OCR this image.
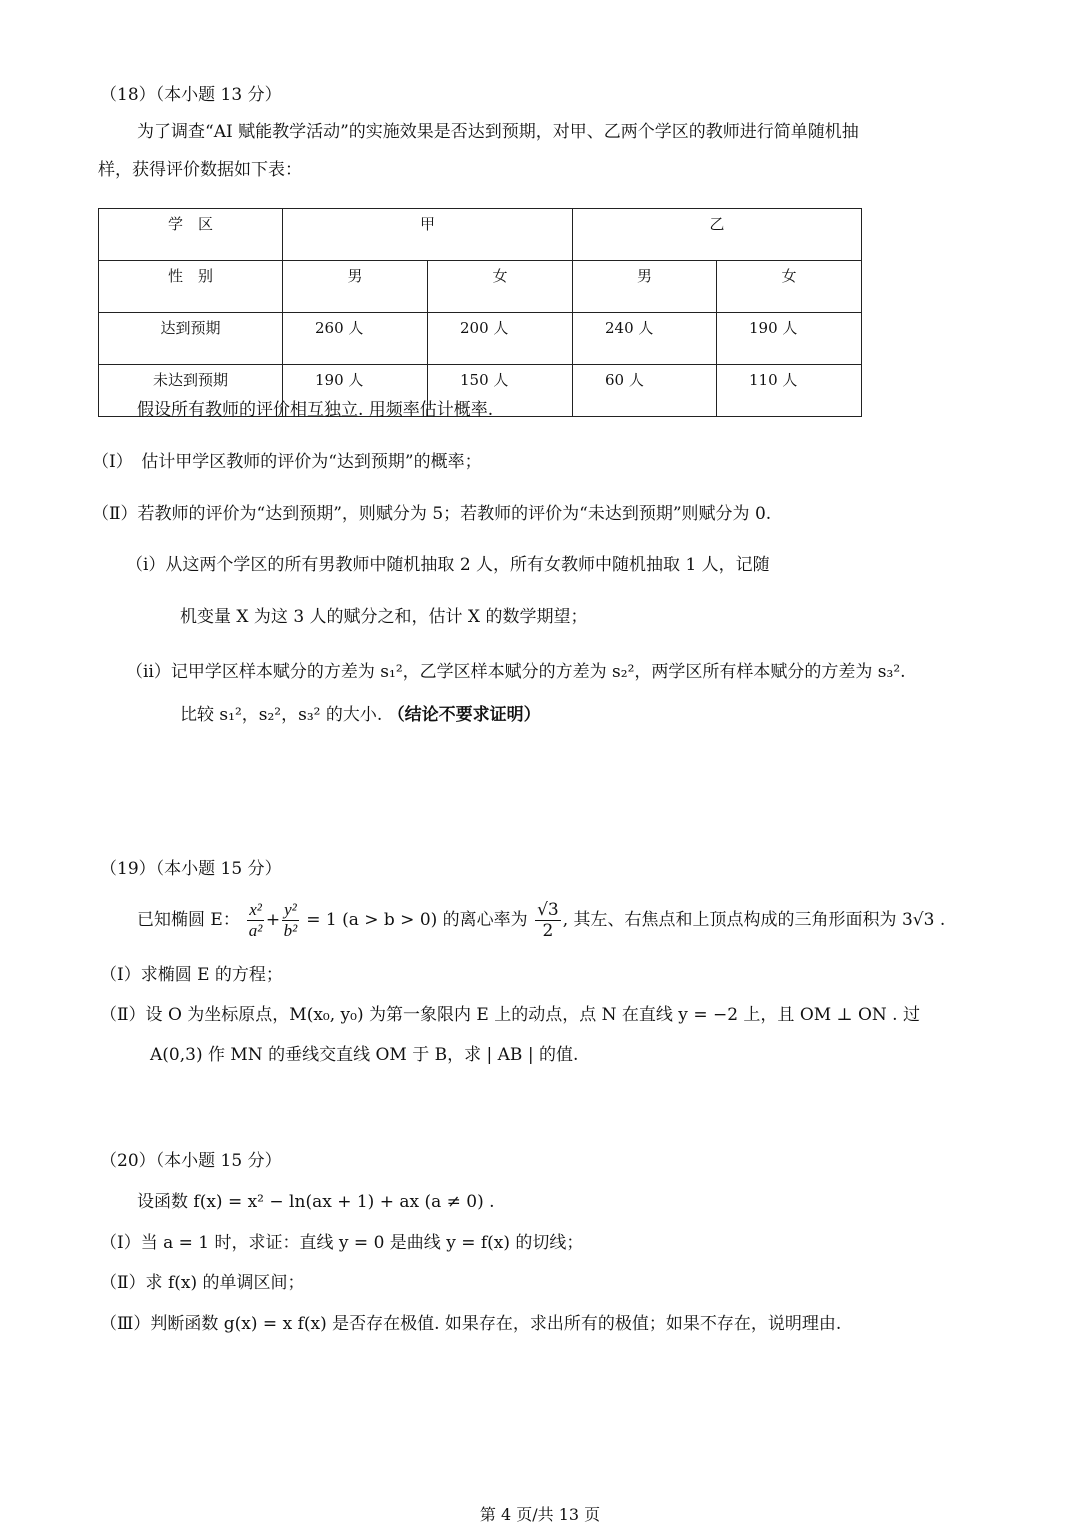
（18）（本小题 13 分）
为了调查“AI 赋能教学活动”的实施效果是否达到预期，对甲、乙两个学区的教师进行简单随机抽
样，获得评价数据如下表：
学　区	甲		乙	
性　别	男	女	男	女
达到预期	260 人	200 人	240 人	190 人
未达到预期	190 人	150 人	60 人	110 人
假设所有教师的评价相互独立. 用频率估计概率.
（I）　估计甲学区教师的评价为“达到预期”的概率；
（Ⅱ）若教师的评价为“达到预期”，则赋分为 5；若教师的评价为“未达到预期”则赋分为 0.
（ⅰ）从这两个学区的所有男教师中随机抽取 2 人，所有女教师中随机抽取 1 人，记随
机变量 X 为这 3 人的赋分之和，估计 X 的数学期望；
（ⅱ）记甲学区样本赋分的方差为 s₁²，乙学区样本赋分的方差为 s₂²，两学区所有样本赋分的方差为 s₃².
比较 s₁²，s₂²，s₃² 的大小. （结论不要求证明）
（19）（本小题 15 分）
已知椭圆 E： $\frac{\text{x²}}{\text{a²}} + \frac{\text{y²}}{\text{b²}} = 1$ (a > b > 0) 的离心率为 $\frac{√3}{2}$ , 其左、右焦点和上顶点构成的三角形面积为 3√3 .
（Ⅰ）求椭圆 E 的方程；
（Ⅱ）设 O 为坐标原点，M(x₀, y₀) 为第一象限内 E 上的动点，点 N 在直线 y = −2 上，且 OM ⊥ ON . 过
A(0,3) 作 MN 的垂线交直线 OM 于 B，求 | AB | 的值.
（20）（本小题 15 分）
设函数 f(x) = x² − ln(ax + 1) + ax (a ≠ 0) .
（Ⅰ）当 a = 1 时，求证：直线 y = 0 是曲线 y = f(x) 的切线；
（Ⅱ）求 f(x) 的单调区间；
（Ⅲ）判断函数 g(x) = x f(x) 是否存在极值. 如果存在，求出所有的极值；如果不存在，说明理由.
第 4 页/共 13 页
